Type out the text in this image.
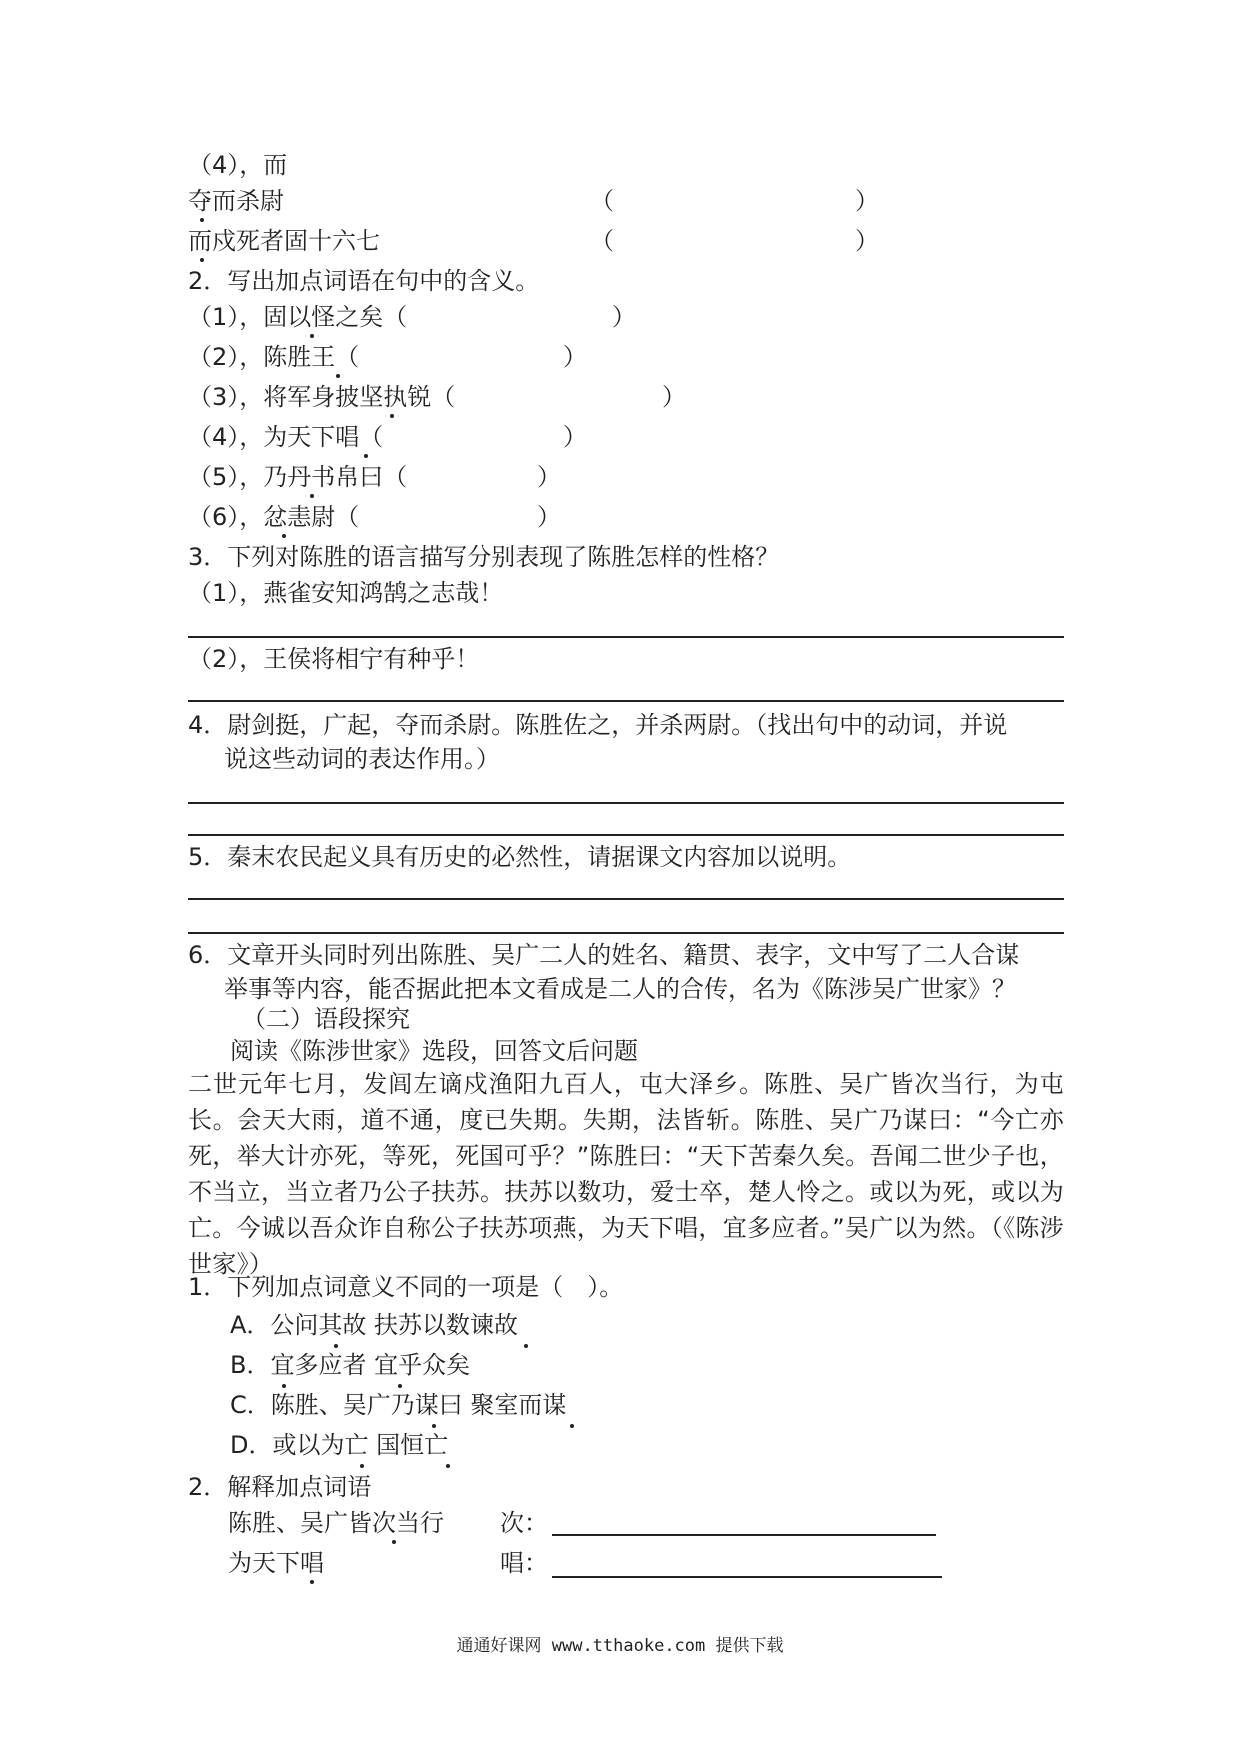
（4），而
夺而杀尉	（	）
而戍死者固十六七	（	）
2．写出加点词语在句中的含义。
（1），固以怪之矣（	）
（2），陈胜王（	）
（3），将军身披坚执锐（	）
（4），为天下唱（	）
（5），乃丹书帛曰（	）
（6），忿恚尉（	）
3．下列对陈胜的语言描写分别表现了陈胜怎样的性格？
（1），燕雀安知鸿鹄之志哉！
（2），王侯将相宁有种乎！
4．尉剑挺，广起，夺而杀尉。陈胜佐之，并杀两尉。（找出句中的动词，并说
说这些动词的表达作用。）
5．秦末农民起义具有历史的必然性，请据课文内容加以说明。
6．文章开头同时列出陈胜、吴广二人的姓名、籍贯、表字，文中写了二人合谋
举事等内容，能否据此把本文看成是二人的合传，名为《陈涉吴广世家》？
（二）语段探究
阅读《陈涉世家》选段，回答文后问题
二世元年七月，发闾左谪戍渔阳九百人，屯大泽乡。陈胜、吴广皆次当行，为屯长。会天大雨，道不通，度已失期。失期，法皆斩。陈胜、吴广乃谋曰：“今亡亦死，举大计亦死，等死，死国可乎？”陈胜曰：“天下苦秦久矣。吾闻二世少子也，不当立，当立者乃公子扶苏。扶苏以数功，爱士卒，楚人怜之。或以为死，或以为亡。今诚以吾众诈自称公子扶苏项燕，为天下唱，宜多应者。”吴广以为然。（《陈涉世家》）
1．下列加点词意义不同的一项是（　）。
A．公问其故 扶苏以数谏故
B．宜多应者 宜乎众矣
C．陈胜、吴广乃谋曰 聚室而谋
D．或以为亡 国恒亡
2．解释加点词语
陈胜、吴广皆次当行 次：
为天下唱	唱：
通通好课网 www.tthaoke.com 提供下载
